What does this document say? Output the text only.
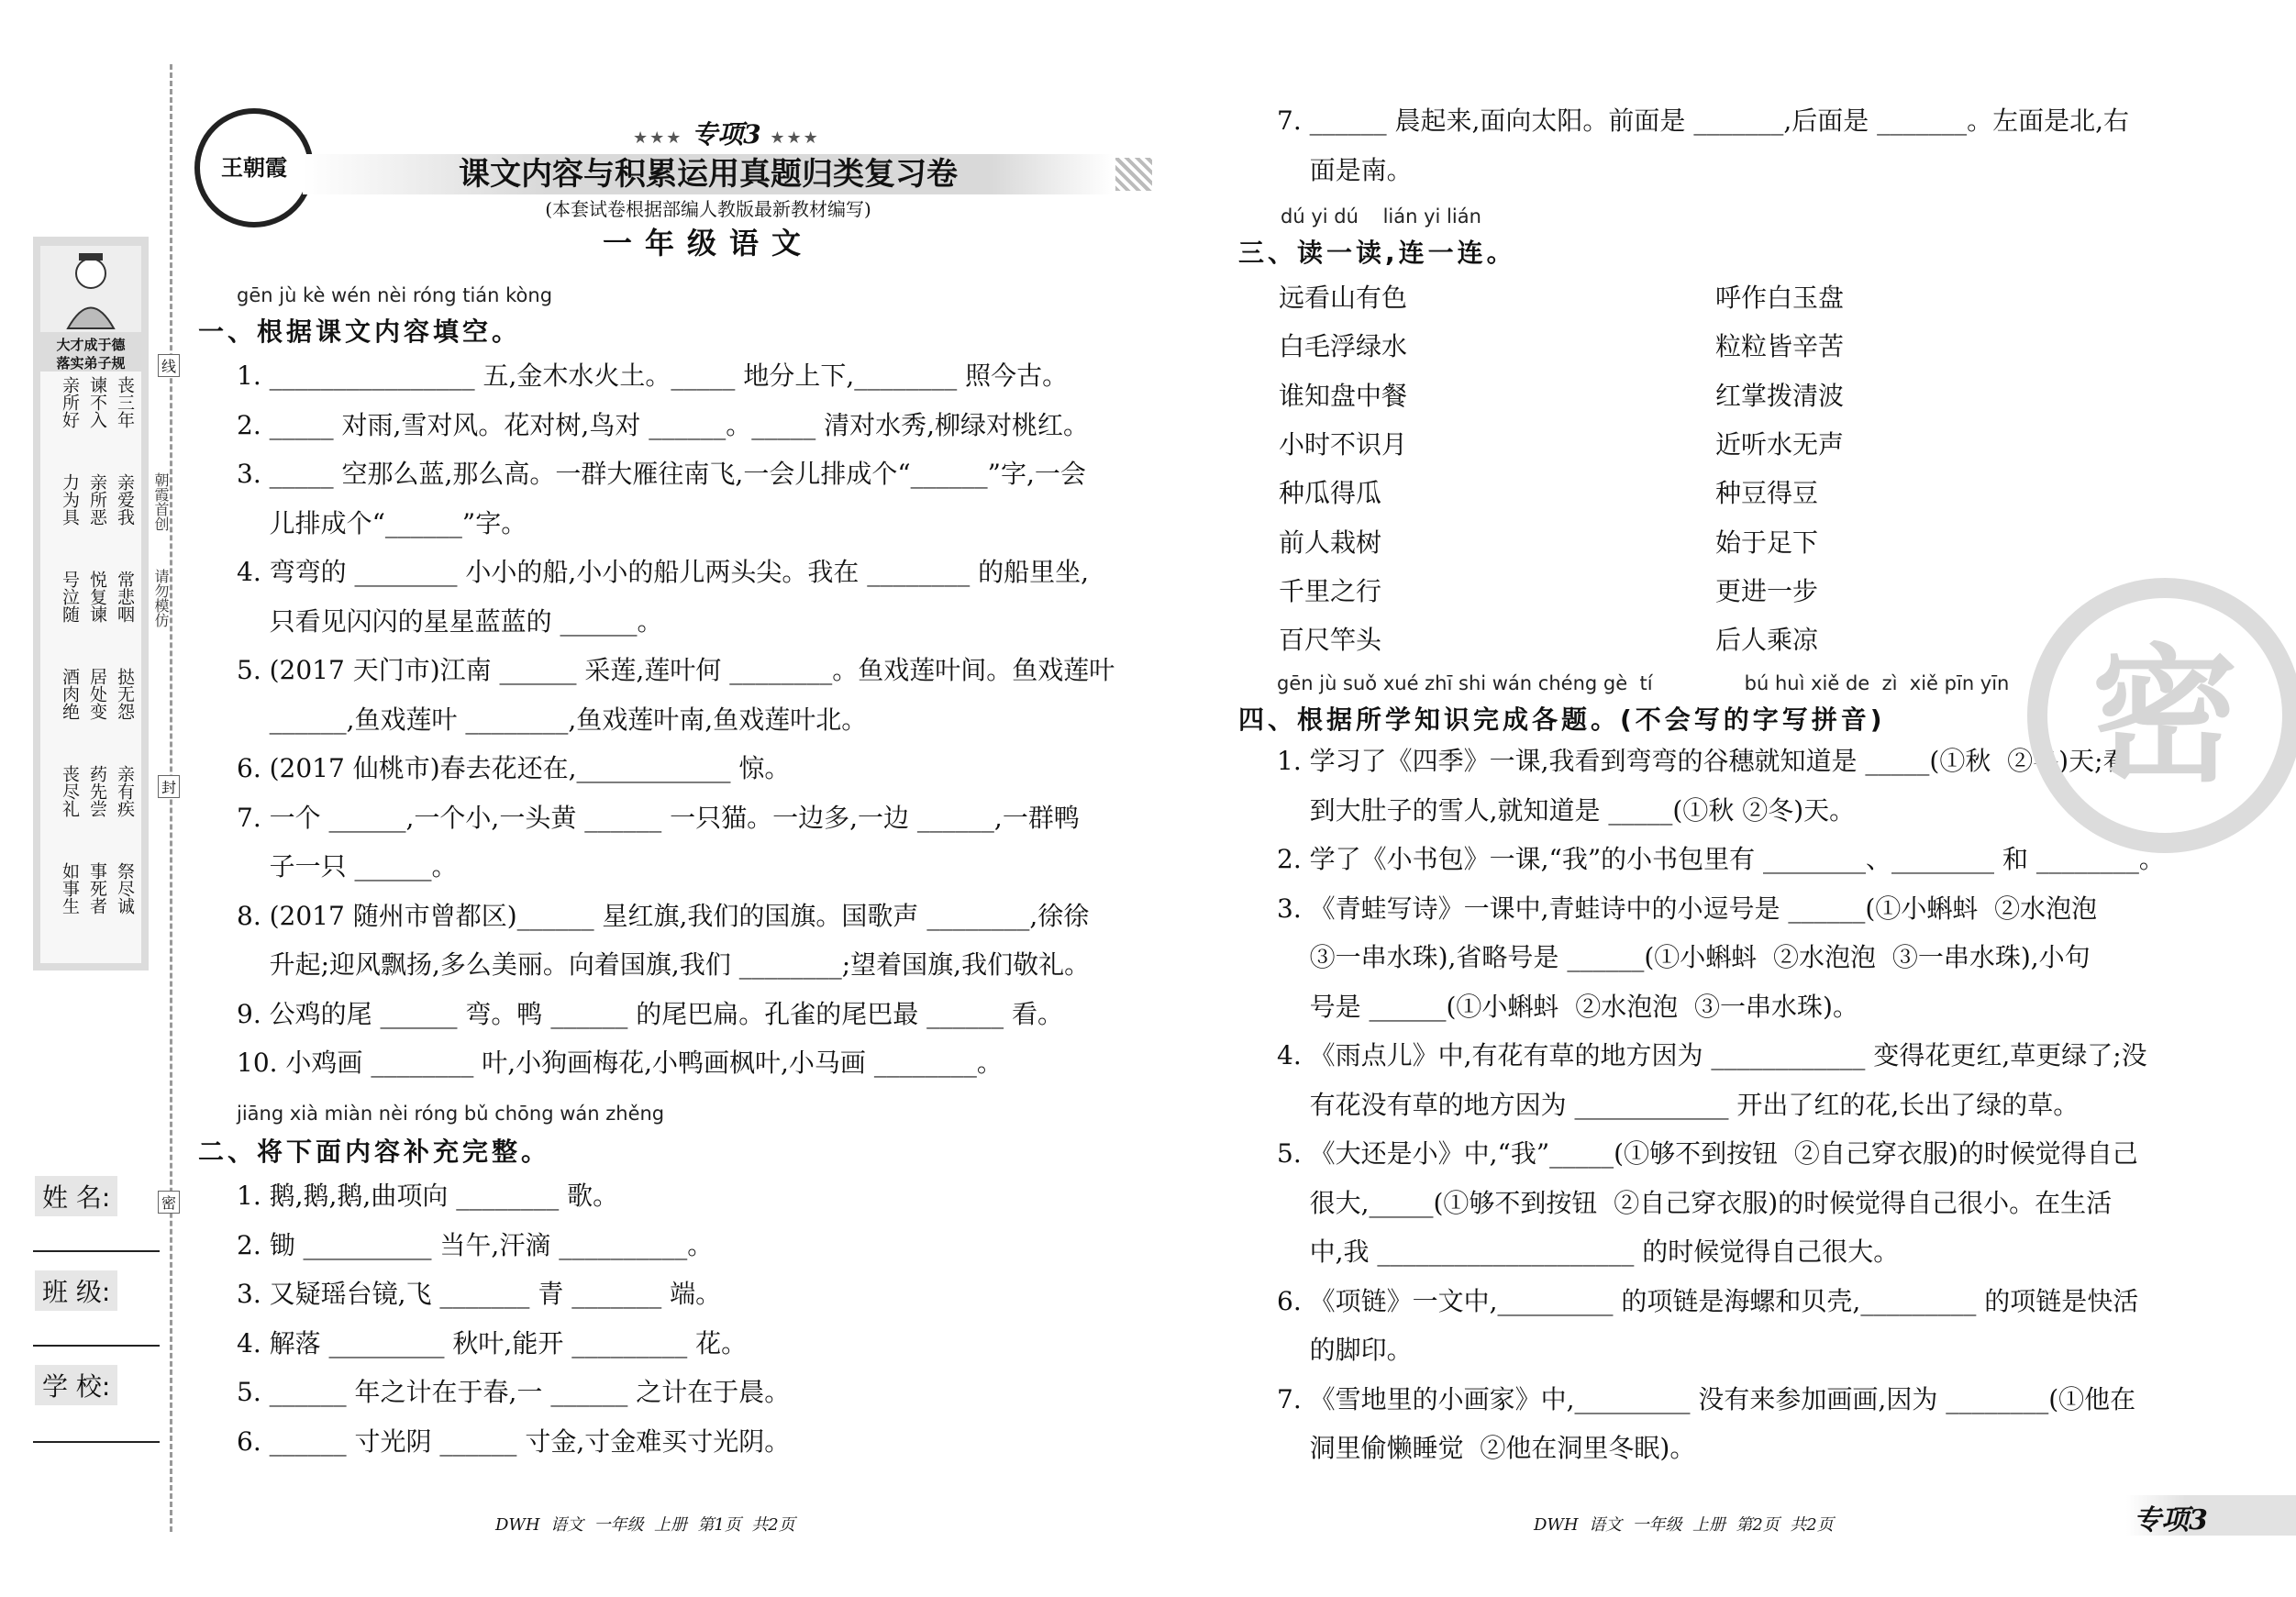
大才成于德
落实弟子规
丧三年
谏不入
亲所好
亲爱我
亲所恶
力为具
常悲咽
悦复谏
号泣随
挞无怨
居处变
酒肉绝
亲有疾
药先尝
丧尽礼
祭尽诚
事死者
如事生
线
封
密
朝霞首创
请勿模仿
姓 名:
班 级:
学 校:
王朝霞
★★★ 专项3 ★★★
课文内容与积累运用真题归类复习卷
(本套试卷根据部编人教版最新教材编写)
一年级语文
gēn jù kè wén nèi róng tián kòng
一、根据课文内容填空。
1. ________________ 五,金木水火土。_____ 地分上下,________ 照今古。
2. _____ 对雨,雪对风。花对树,鸟对 ______。_____ 清对水秀,柳绿对桃红。
3. _____ 空那么蓝,那么高。一群大雁往南飞,一会儿排成个“______”字,一会
儿排成个“______”字。
4. 弯弯的 ________ 小小的船,小小的船儿两头尖。我在 ________ 的船里坐,
只看见闪闪的星星蓝蓝的 ______。
5. (2017 天门市)江南 ______ 采莲,莲叶何 ________。鱼戏莲叶间。鱼戏莲叶
______,鱼戏莲叶 ________,鱼戏莲叶南,鱼戏莲叶北。
6. (2017 仙桃市)春去花还在,____________ 惊。
7. 一个 ______,一个小,一头黄 ______ 一只猫。一边多,一边 ______,一群鸭
子一只 ______。
8. (2017 随州市曾都区)______ 星红旗,我们的国旗。国歌声 ________,徐徐
升起;迎风飘扬,多么美丽。向着国旗,我们 ________;望着国旗,我们敬礼。
9. 公鸡的尾 ______ 弯。鸭 ______ 的尾巴扁。孔雀的尾巴最 ______ 看。
10. 小鸡画 ________ 叶,小狗画梅花,小鸭画枫叶,小马画 ________。
jiāng xià miàn nèi róng bǔ chōng wán zhěng
二、将下面内容补充完整。
1. 鹅,鹅,鹅,曲项向 ________ 歌。
2. 锄 __________ 当午,汗滴 __________。
3. 又疑瑶台镜,飞 _______ 青 _______ 端。
4. 解落 _________ 秋叶,能开 _________ 花。
5. ______ 年之计在于春,一 ______ 之计在于晨。
6. ______ 寸光阴 ______ 寸金,寸金难买寸光阴。
7. ______ 晨起来,面向太阳。前面是 _______,后面是 _______。左面是北,右
面是南。
dú yi dú    lián yi lián
三、读一读,连一连。
远看山有色
白毛浮绿水
谁知盘中餐
小时不识月
种瓜得瓜
前人栽树
千里之行
百尺竿头
呼作白玉盘
粒粒皆辛苦
红掌拨清波
近听水无声
种豆得豆
始于足下
更进一步
后人乘凉
gēn jù suǒ xué zhī shi wán chéng gè  tí               bú huì xiě de  zì  xiě pīn yīn
四、根据所学知识完成各题。(不会写的字写拼音)
1. 学习了《四季》一课,我看到弯弯的谷穗就知道是 _____(①秋  ②冬)天;看
到大肚子的雪人,就知道是 _____(①秋 ②冬)天。
2. 学了《小书包》一课,“我”的小书包里有 ________、________ 和 ________。
3. 《青蛙写诗》一课中,青蛙诗中的小逗号是 ______(①小蝌蚪  ②水泡泡
③一串水珠),省略号是 ______(①小蝌蚪  ②水泡泡  ③一串水珠),小句
号是 ______(①小蝌蚪  ②水泡泡  ③一串水珠)。
4. 《雨点儿》中,有花有草的地方因为 ____________ 变得花更红,草更绿了;没
有花没有草的地方因为 ____________ 开出了红的花,长出了绿的草。
5. 《大还是小》中,“我”_____(①够不到按钮  ②自己穿衣服)的时候觉得自己
很大,_____(①够不到按钮  ②自己穿衣服)的时候觉得自己很小。在生活
中,我 ____________________ 的时候觉得自己很大。
6. 《项链》一文中,_________ 的项链是海螺和贝壳,_________ 的项链是快活
的脚印。
7. 《雪地里的小画家》中,_________ 没有来参加画画,因为 ________(①他在
洞里偷懒睡觉  ②他在洞里冬眠)。
密
DWH  语文  一年级  上册  第1页  共2页	DWH  语文  一年级  上册  第2页  共2页	专项3
